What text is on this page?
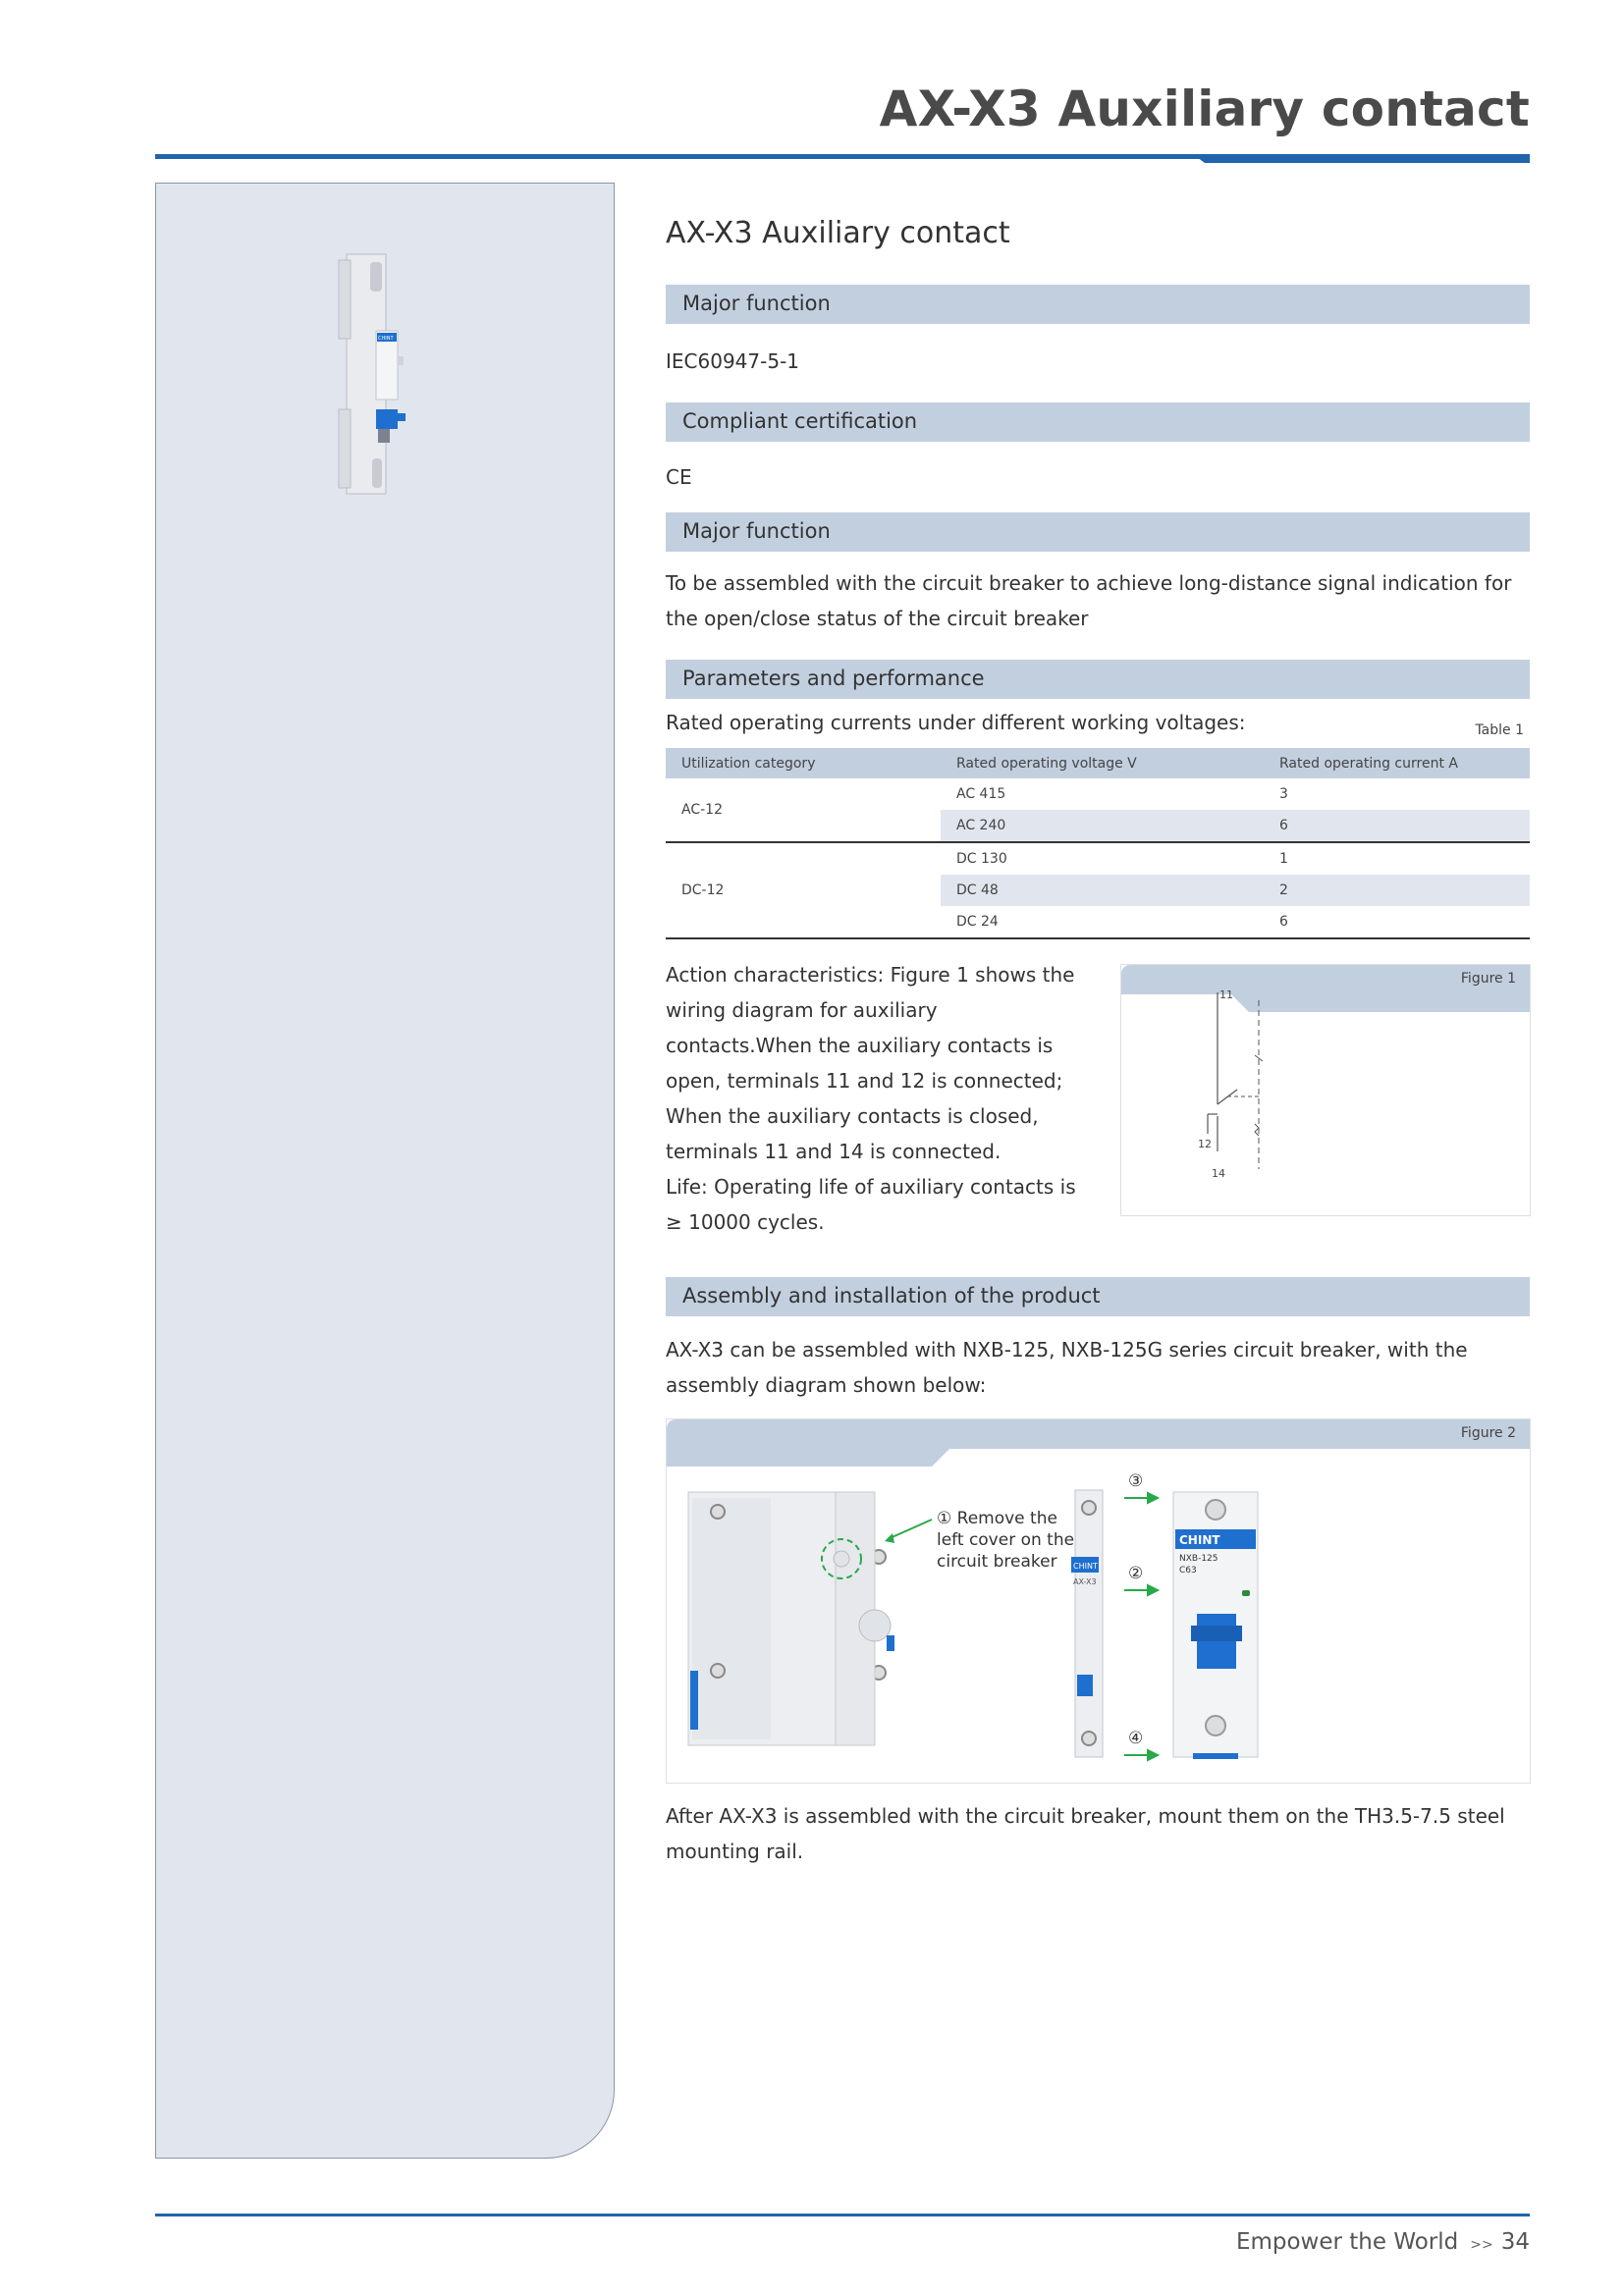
AX-X3 Auxiliary contact
CHINT
AX-X3 Auxiliary contact
Major function
IEC60947-5-1
Compliant certification
CE
Major function
To be assembled with the circuit breaker to achieve long-distance signal indication for the open/close status of the circuit breaker
Parameters and performance
Rated operating currents under different working voltages:	Table 1
Utilization category	Rated operating voltage V	Rated operating current A
AC-12	AC 415	3
	AC 240	6
DC-12	DC 130	1
	DC 48	2
	DC 24	6
Action characteristics: Figure 1 shows the wiring diagram for auxiliary contacts.When the auxiliary contacts is open, terminals 11 and 12 is connected; When the auxiliary contacts is closed, terminals 11 and 14 is connected.
Life: Operating life of auxiliary contacts is ≥ 10000 cycles.
Figure 1
11
12
14
Assembly and installation of the product
AX-X3 can be assembled with NXB-125, NXB-125G series circuit breaker, with the assembly diagram shown below:
Figure 2
① Remove the
left cover on the
circuit breaker CHINT
AX-X3
③
②
④
CHINT
NXB-125
C63
After AX-X3 is assembled with the circuit breaker, mount them on the TH3.5-7.5 steel mounting rail.
Empower the World >> 34
